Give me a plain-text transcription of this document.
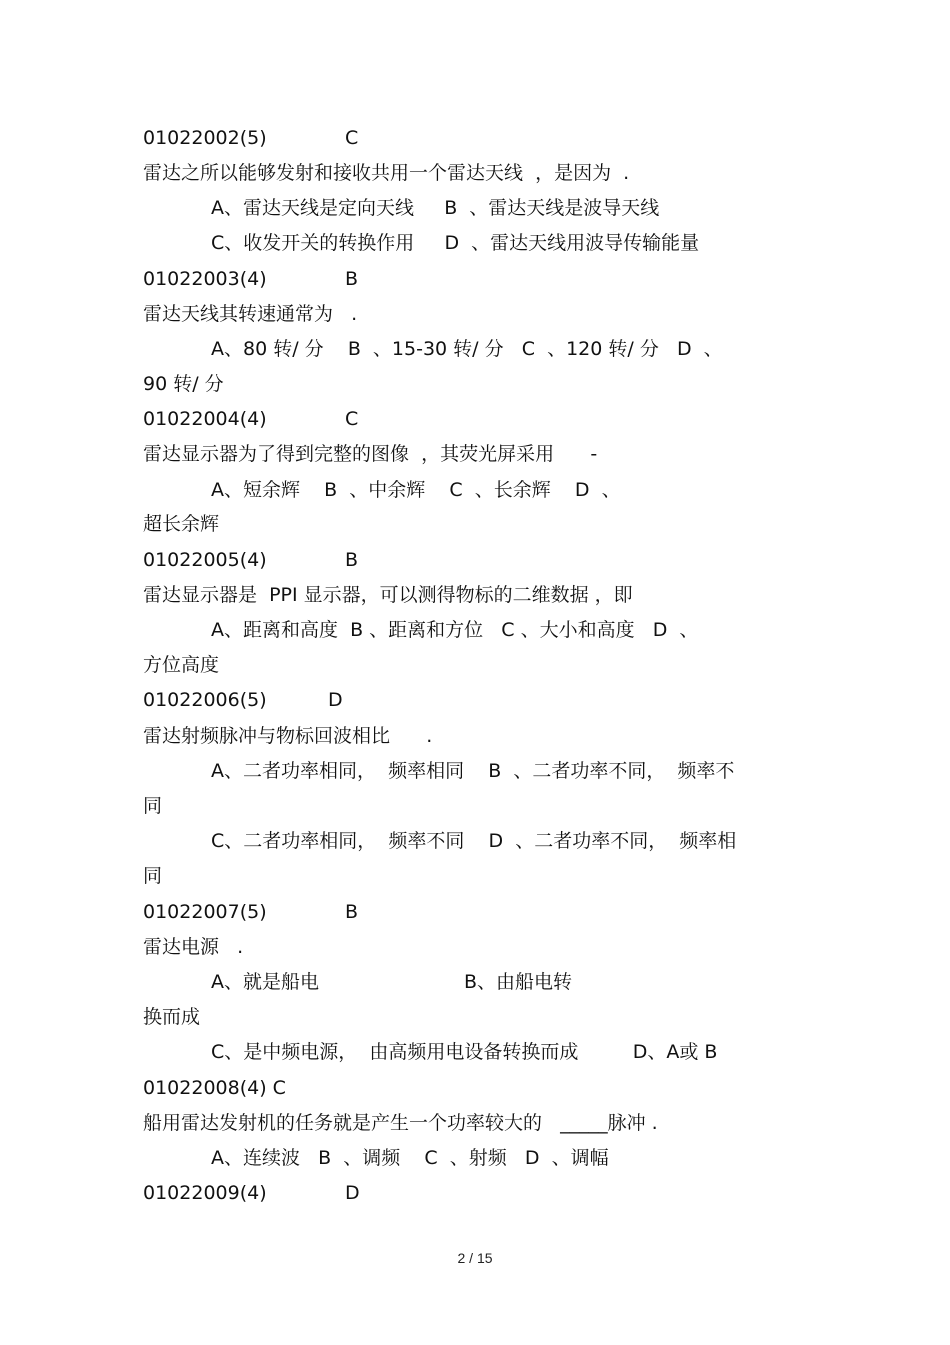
01022002(5)	C
雷达之所以能够发射和接收共用一个雷达天线  ，是因为  .
A、雷达天线是定向天线     B  、雷达天线是波导天线
C、收发开关的转换作用     D  、雷达天线用波导传输能量
01022003(4)	B
雷达天线其转速通常为   .
A、80 转/ 分    B  、15-30 转/ 分   C  、120 转/ 分   D  、
90 转/ 分
01022004(4)	C
雷达显示器为了得到完整的图像  ，其荧光屏采用      -
A、短余辉    B  、中余辉    C  、长余辉    D  、
超长余辉
01022005(4)	B
雷达显示器是  PPI 显示器，可以测得物标的二维数据 ，即
A、距离和高度  B 、距离和方位   C 、大小和高度   D  、
方位高度
01022006(5)	D
雷达射频脉冲与物标回波相比      .
A、二者功率相同，  频率相同    B  、二者功率不同，  频率不
同
C、二者功率相同，  频率不同    D  、二者功率不同，  频率相
同
01022007(5)	B
雷达电源   .
A、就是船电                        B、由船电转
换而成
C、是中频电源，  由高频用电设备转换而成         D、A或 B
01022008(4) C
船用雷达发射机的任务就是产生一个功率较大的   _____脉冲 .
A、连续波   B  、调频    C  、射频   D  、调幅
01022009(4)	D
2 / 15
